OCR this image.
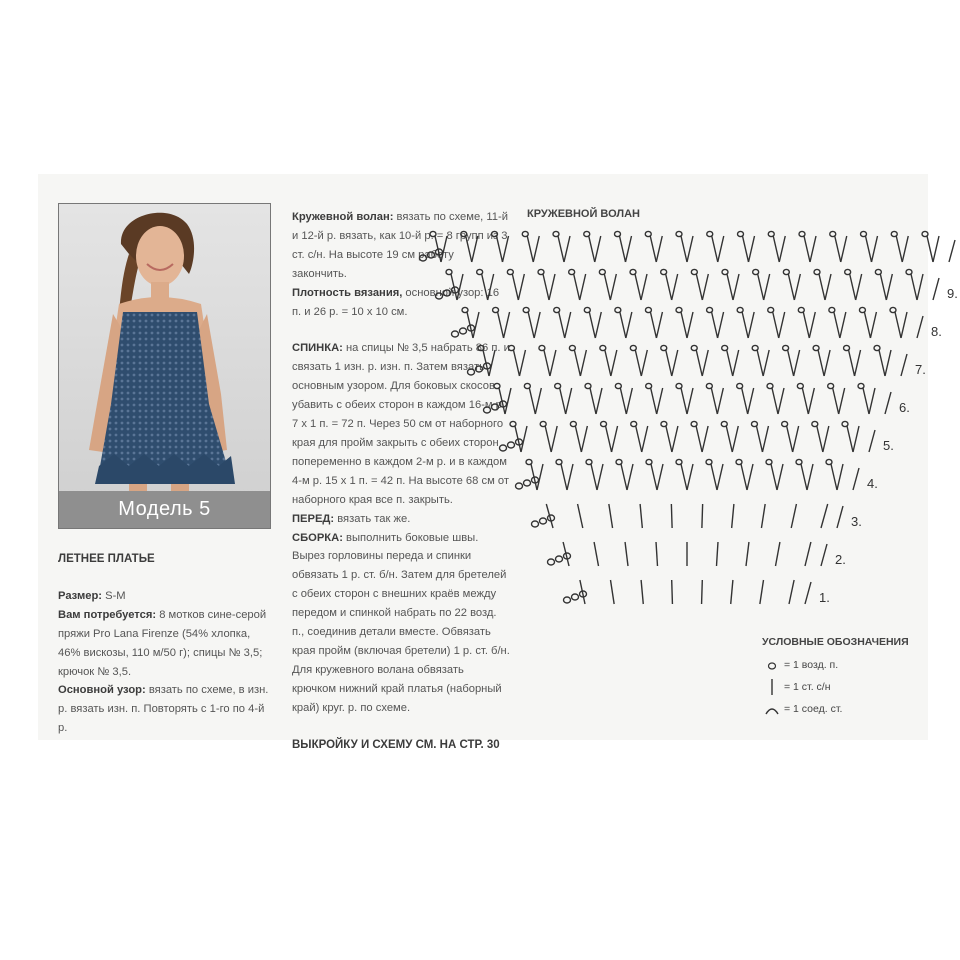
Модель 5

ЛЕТНЕЕ ПЛАТЬЕ

Размер: S-M

Вам потребуется: 8 мотков сине-серой пряжи Pro Lana Firenze (54% хлопка, 46% вискозы, 110 м/50 г); спицы № 3,5; крючок № 3,5.

Основной узор: вязать по схеме, в изн. р. вязать изн. п. Повторять с 1-го по 4-й р.

Кружевной волан: вязать по схеме, 11-й и 12-й р. вязать, как 10-й р. = 8 групп из 3 ст. с/н. На высоте 19 см работу закончить.

Плотность вязания, основной узор: 16 п. и 26 р. = 10 х 10 см.

СПИНКА: на спицы № 3,5 набрать 86 п. и связать 1 изн. р. изн. п. Затем вязать основным узором. Для боковых скосов убавить с обеих сторон в каждом 16-м р. 7 х 1 п. = 72 п. Через 50 см от наборного края для пройм закрыть с обеих сторон попеременно в каждом 2-м р. и в каждом 4-м р. 15 х 1 п. = 42 п. На высоте 68 см от наборного края все п. закрыть.

ПЕРЕД: вязать так же.

СБОРКА: выполнить боковые швы. Вырез горловины переда и спинки обвязать 1 р. ст. б/н. Затем для бретелей с обеих сторон с внешних краёв между передом и спинкой набрать по 22 возд. п., соединив детали вместе. Обвязать края пройм (включая бретели) 1 р. ст. б/н. Для кружевного волана обвязать крючком нижний край платья (наборный край) круг. р. по схеме.

ВЫКРОЙКУ И СХЕМУ СМ. НА СТР. 30

КРУЖЕВНОЙ ВОЛАН
1.
2.
3.
4.
5.
6.
7.
8.
9.
УСЛОВНЫЕ ОБОЗНАЧЕНИЯ
= 1 возд. п.
= 1 ст. с/н
= 1 соед. ст.
